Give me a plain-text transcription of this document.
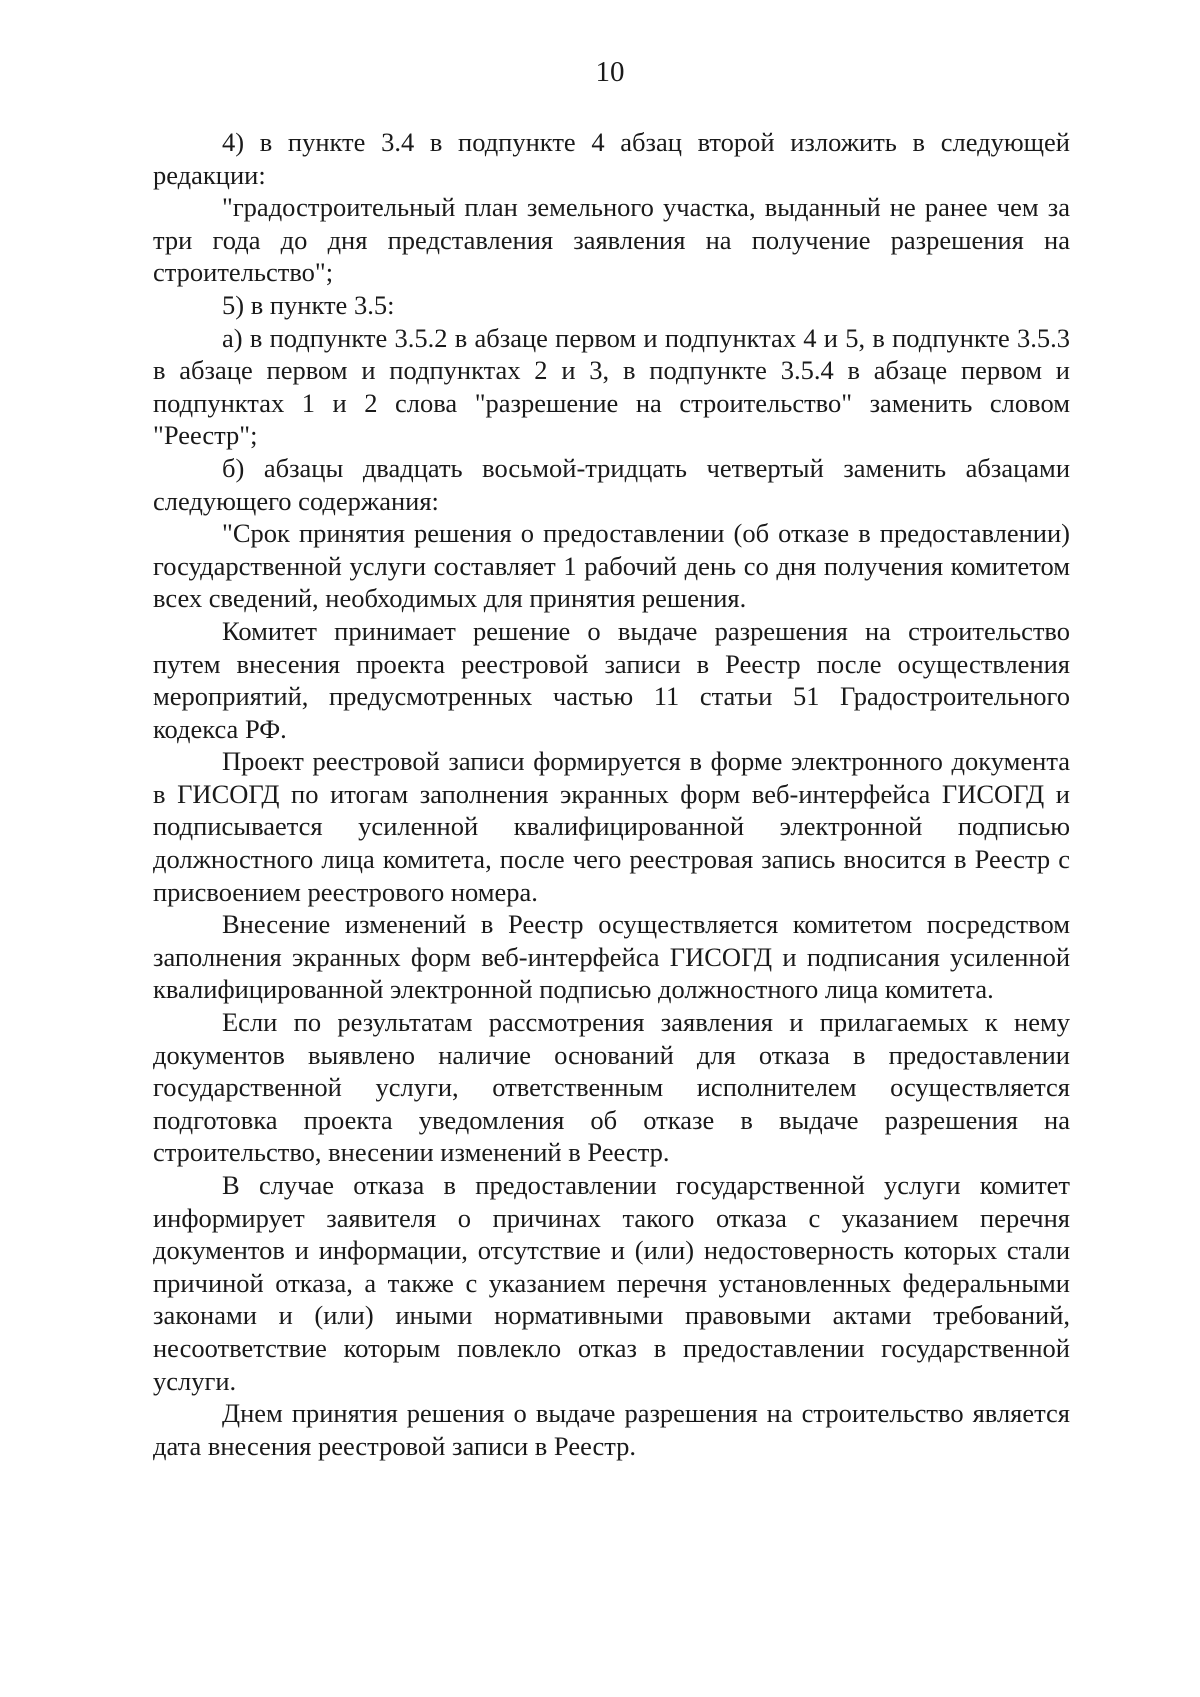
10

4) в пункте 3.4 в подпункте 4 абзац второй изложить в следующей редакции:

"градостроительный план земельного участка, выданный не ранее чем за три года до дня представления заявления на получение разрешения на строительство";

5) в пункте 3.5:

а) в подпункте 3.5.2 в абзаце первом и подпунктах 4 и 5, в подпункте 3.5.3 в абзаце первом и подпунктах 2 и 3, в подпункте 3.5.4 в абзаце первом и подпунктах 1 и 2 слова "разрешение на строительство" заменить словом "Реестр";

б) абзацы двадцать восьмой-тридцать четвертый заменить абзацами следующего содержания:

"Срок принятия решения о предоставлении (об отказе в предоставлении) государственной услуги составляет 1 рабочий день со дня получения комитетом всех сведений, необходимых для принятия решения.

Комитет принимает решение о выдаче разрешения на строительство путем внесения проекта реестровой записи в Реестр после осуществления мероприятий, предусмотренных частью 11 статьи 51 Градостроительного кодекса РФ.

Проект реестровой записи формируется в форме электронного документа в ГИСОГД по итогам заполнения экранных форм веб-интерфейса ГИСОГД и подписывается усиленной квалифицированной электронной подписью должностного лица комитета, после чего реестровая запись вносится в Реестр с присвоением реестрового номера.

Внесение изменений в Реестр осуществляется комитетом посредством заполнения экранных форм веб-интерфейса ГИСОГД и подписания усиленной квалифицированной электронной подписью должностного лица комитета.

Если по результатам рассмотрения заявления и прилагаемых к нему документов выявлено наличие оснований для отказа в предоставлении государственной услуги, ответственным исполнителем осуществляется подготовка проекта уведомления об отказе в выдаче разрешения на строительство, внесении изменений в Реестр.

В случае отказа в предоставлении государственной услуги комитет информирует заявителя о причинах такого отказа с указанием перечня документов и информации, отсутствие и (или) недостоверность которых стали причиной отказа, а также с указанием перечня установленных федеральными законами и (или) иными нормативными правовыми актами требований, несоответствие которым повлекло отказ в предоставлении государственной услуги.

Днем принятия решения о выдаче разрешения на строительство является дата внесения реестровой записи в Реестр.
